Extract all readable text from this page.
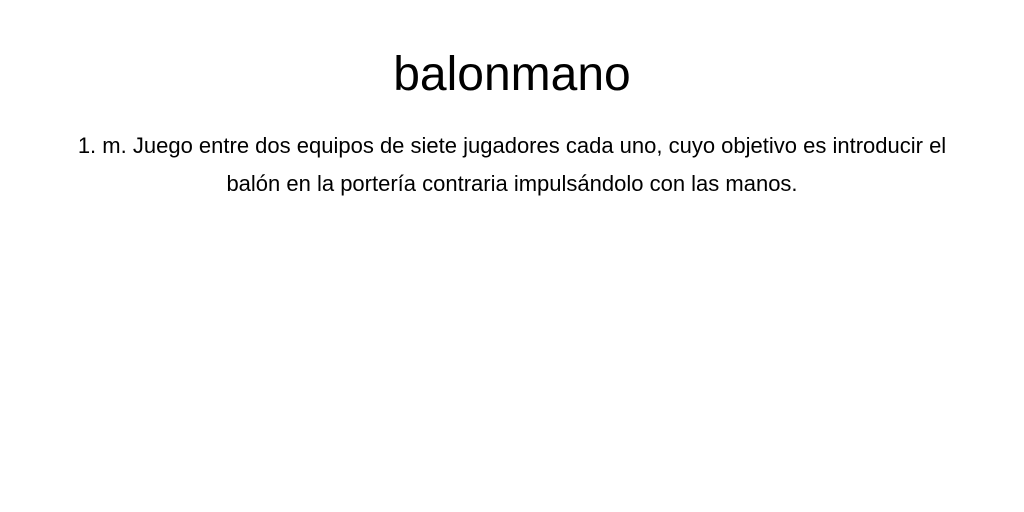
balonmano

1. m. Juego entre dos equipos de siete jugadores cada uno, cuyo objetivo es introducir el balón en la portería contraria impulsándolo con las manos.
